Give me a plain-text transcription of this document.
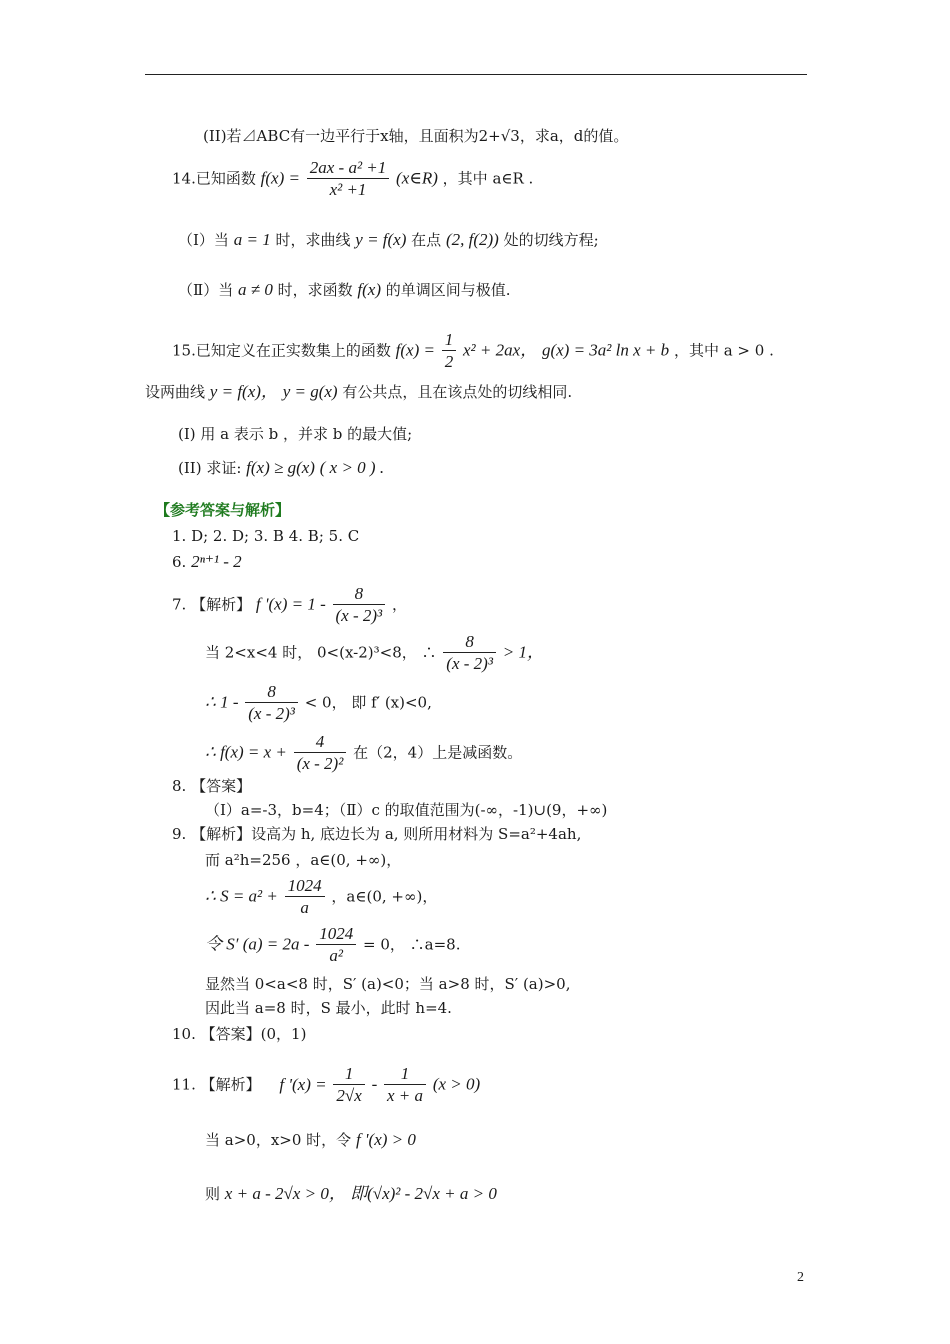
(II)若⊿ABC有一边平行于x轴，且面积为2+√3，求a，d的值。
14.已知函数 $f(x) = \frac{\text{2ax - a² +1}}{\text{x² +1}}$ (x∈R) ，其中 a∈R .
（Ⅰ）当 a = 1 时，求曲线 y = f(x) 在点 (2, f(2)) 处的切线方程;
（Ⅱ）当 a ≠ 0 时，求函数 f(x) 的单调区间与极值.
15.已知定义在正实数集上的函数 $f(x) = \frac{1}{2} x^2 + 2ax$， g(x) = 3a² ln x + b ，其中 a > 0 .
设两曲线 y = f(x)， y = g(x) 有公共点，且在该点处的切线相同.
(I) 用 a 表示 b ，并求 b 的最大值;
(II) 求证: f(x) ≥ g(x) ( x > 0 ) .
【参考答案与解析】
1. D; 2. D; 3. B 4. B; 5. C
6. 2ⁿ⁺¹ - 2
7. 【解析】 f '$(x) = 1 - \frac{8}{\text{(x - 2)³}}$ ，
当 2<x<4 时， 0<(x-2)³<8， ∴ $\frac{8}{\text{(x - 2)³}} > 1$，
∴ $1 - \frac{8}{\text{(x - 2)³}} < 0$， 即 f′ (x)<0,
∴ $f(x) = x + \frac{4}{\text{(x - 2)²}}$ 在（2，4）上是减函数。
8. 【答案】
（Ⅰ）a=-3，b=4；（Ⅱ）c 的取值范围为(-∞，-1)∪(9，+∞)
9. 【解析】设高为 h, 底边长为 a, 则所用材料为 S=a²+4ah,
而 a²h=256 ，a∈(0, +∞)，
∴ $S = a^2 + \frac{1024}{a}$ ，a∈(0, +∞)，
令 S′ $(a) = 2a - \frac{1024}{\text{a²}} = 0$， ∴a=8.
显然当 0<a<8 时，S′ (a)<0；当 a>8 时，S′ (a)>0,
因此当 a=8 时，S 最小，此时 h=4.
10. 【答案】(0，1)
11. 【解析】 f '$(x) = \frac{1}{2√x} - \frac{1}{x + a} (x > 0)$
当 a>0，x>0 时，令 f '(x) > 0
则 x + a - 2√x > 0， 即(√x)² - 2√x + a > 0
2
